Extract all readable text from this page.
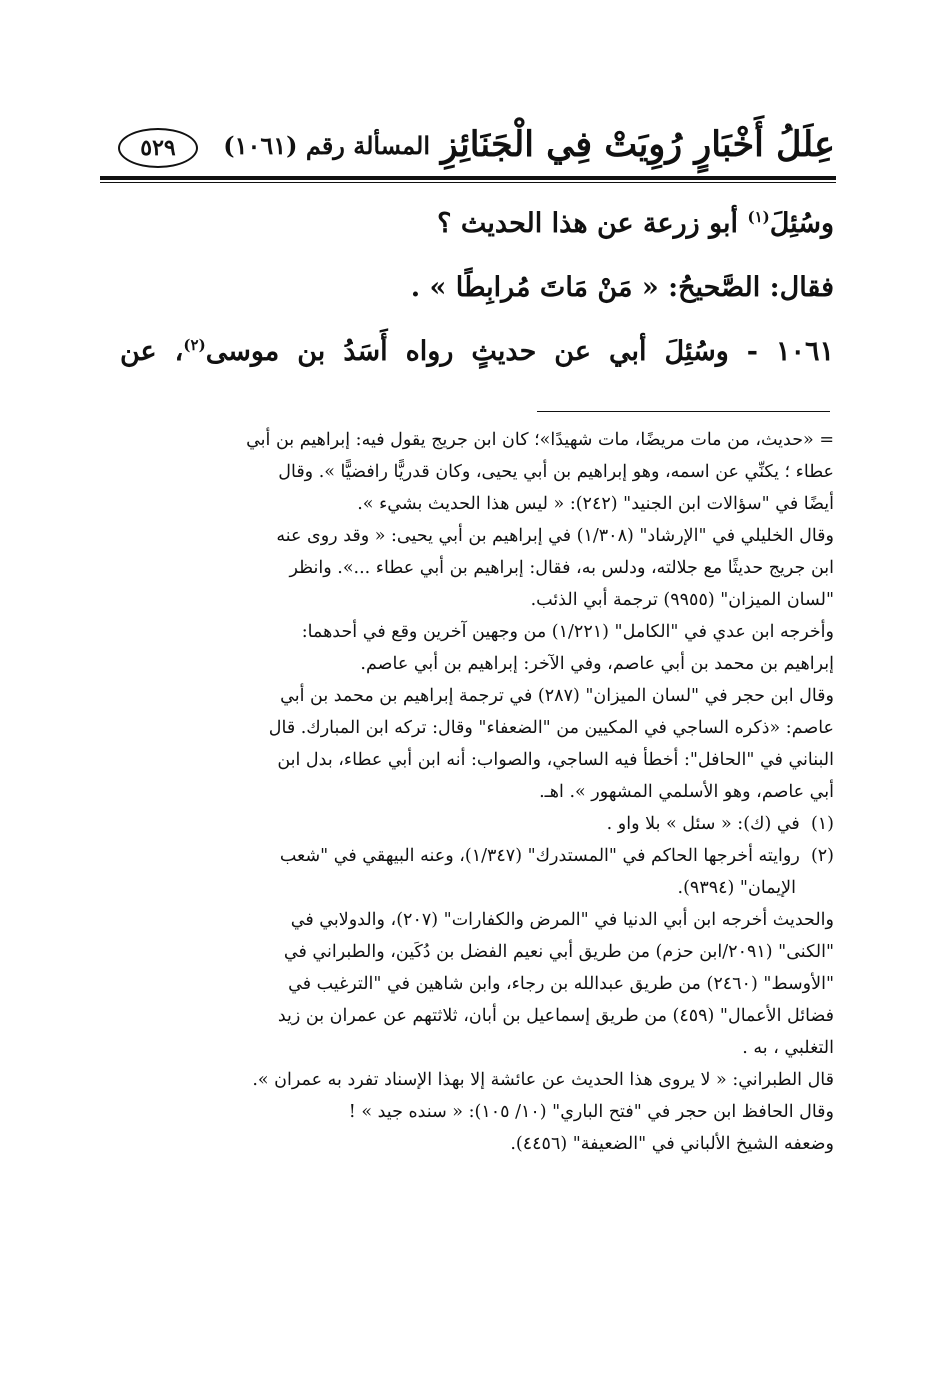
عِلَلُ أَخْبَارٍ رُوِيَتْ فِي الْجَنَائِزِ
المسألة رقم (١٠٦١)
٥٢٩
وسُئِلَ$^{(١)}$ أبو زرعة عن هذا الحديث ؟
فقال: الصَّحيحُ: « مَنْ مَاتَ مُرابِطًا » .
١٠٦١ - وسُئِلَ أبي عن حديثٍ رواه أَسَدُ بن موسى$^{(٢)}$، عن

= «حديث، من مات مريضًا، مات شهيدًا»؛ كان ابن جريج يقول فيه: إبراهيم بن أبي

عطاء ؛ يكنِّي عن اسمه، وهو إبراهيم بن أبي يحيى، وكان قدريًّا رافضيًّا ». وقال

أيضًا في "سؤالات ابن الجنيد" (٢٤٢): « ليس هذا الحديث بشيء ».

وقال الخليلي في "الإرشاد" (١/٣٠٨) في إبراهيم بن أبي يحيى: « وقد روى عنه

ابن جريج حديثًا مع جلالته، ودلس به، فقال: إبراهيم بن أبي عطاء ...». وانظر

"لسان الميزان" (٩٩٥٥) ترجمة أبي الذئب.

وأخرجه ابن عدي في "الكامل" (١/٢٢١) من وجهين آخرين وقع في أحدهما:

إبراهيم بن محمد بن أبي عاصم، وفي الآخر: إبراهيم بن أبي عاصم.

وقال ابن حجر في "لسان الميزان" (٢٨٧) في ترجمة إبراهيم بن محمد بن أبي

عاصم: «ذكره الساجي في المكيين من "الضعفاء" وقال: تركه ابن المبارك. قال

البناني في "الحافل": أخطأ فيه الساجي، والصواب: أنه ابن أبي عطاء، بدل ابن

أبي عاصم، وهو الأسلمي المشهور ». اهـ.

(١)  في (ك): « سئل » بلا واو .

(٢)  روايته أخرجها الحاكم في "المستدرك" (١/٣٤٧)، وعنه البيهقي في "شعب

الإيمان" (٩٣٩٤).

والحديث أخرجه ابن أبي الدنيا في "المرض والكفارات" (٢٠٧)، والدولابي في

"الكنى" (٢٠٩١/ابن حزم) من طريق أبي نعيم الفضل بن دُكَين، والطبراني في

"الأوسط" (٢٤٦٠) من طريق عبدالله بن رجاء، وابن شاهين في "الترغيب في

فضائل الأعمال" (٤٥٩) من طريق إسماعيل بن أبان، ثلاثتهم عن عمران بن زيد

التغلبي ، به .

قال الطبراني: « لا يروى هذا الحديث عن عائشة إلا بهذا الإسناد تفرد به عمران ».

وقال الحافظ ابن حجر في "فتح الباري" (١٠/ ١٠٥): « سنده جيد » !

وضعفه الشيخ الألباني في "الضعيفة" (٤٤٥٦).
